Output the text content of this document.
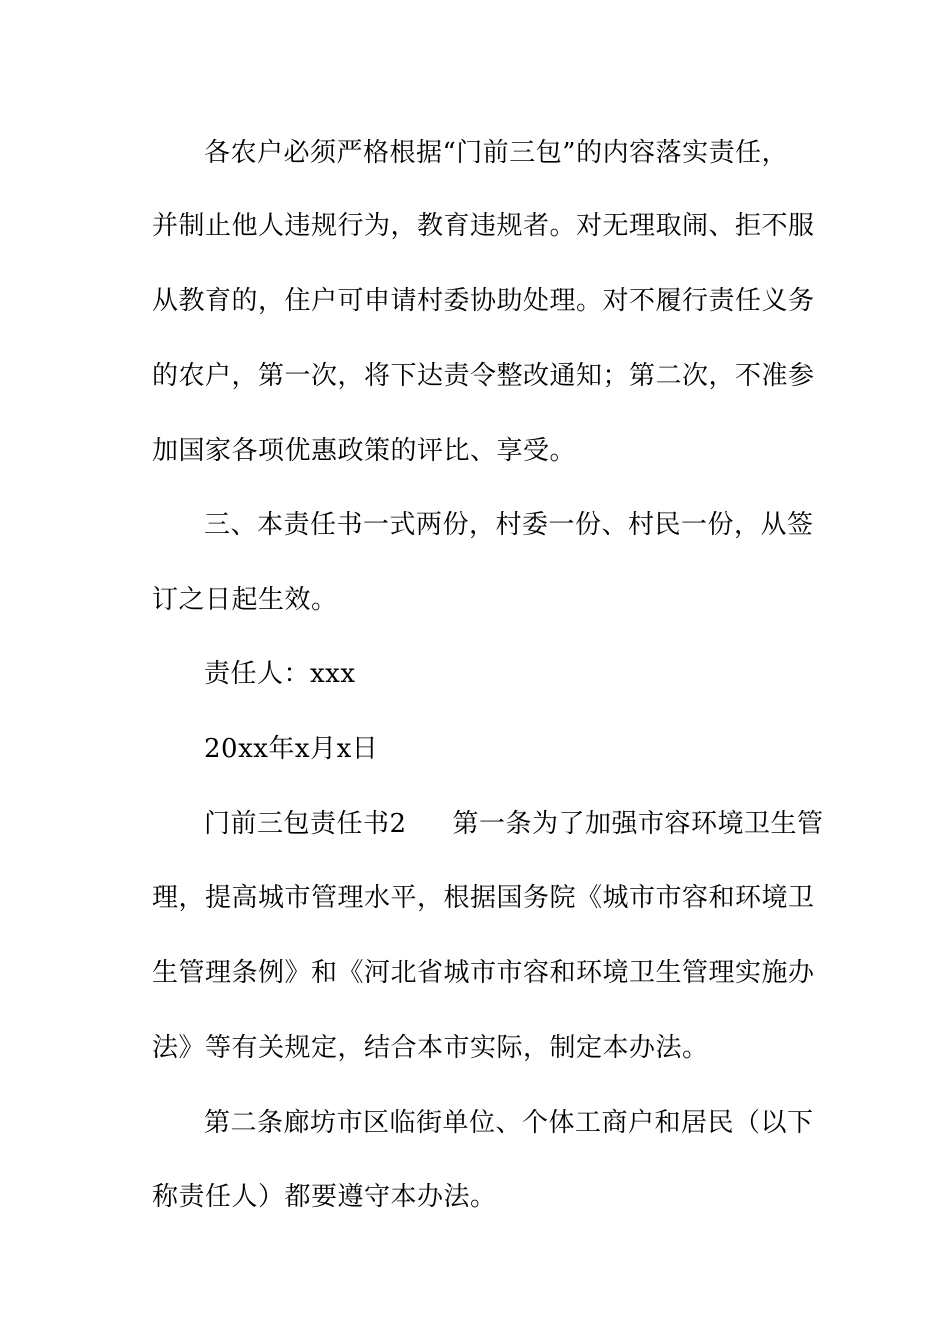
各农户必须严格根据“门前三包”的内容落实责任，
并制止他人违规行为，教育违规者。对无理取闹、拒不服
从教育的，住户可申请村委协助处理。对不履行责任义务
的农户，第一次，将下达责令整改通知；第二次，不准参
加国家各项优惠政策的评比、享受。
三、本责任书一式两份，村委一份、村民一份，从签
订之日起生效。
责任人：xxx
20xx年x月x日
门前三包责任书2 第一条为了加强市容环境卫生管
理，提高城市管理水平，根据国务院《城市市容和环境卫
生管理条例》和《河北省城市市容和环境卫生管理实施办
法》等有关规定，结合本市实际，制定本办法。
第二条廊坊市区临街单位、个体工商户和居民（以下
称责任人）都要遵守本办法。
